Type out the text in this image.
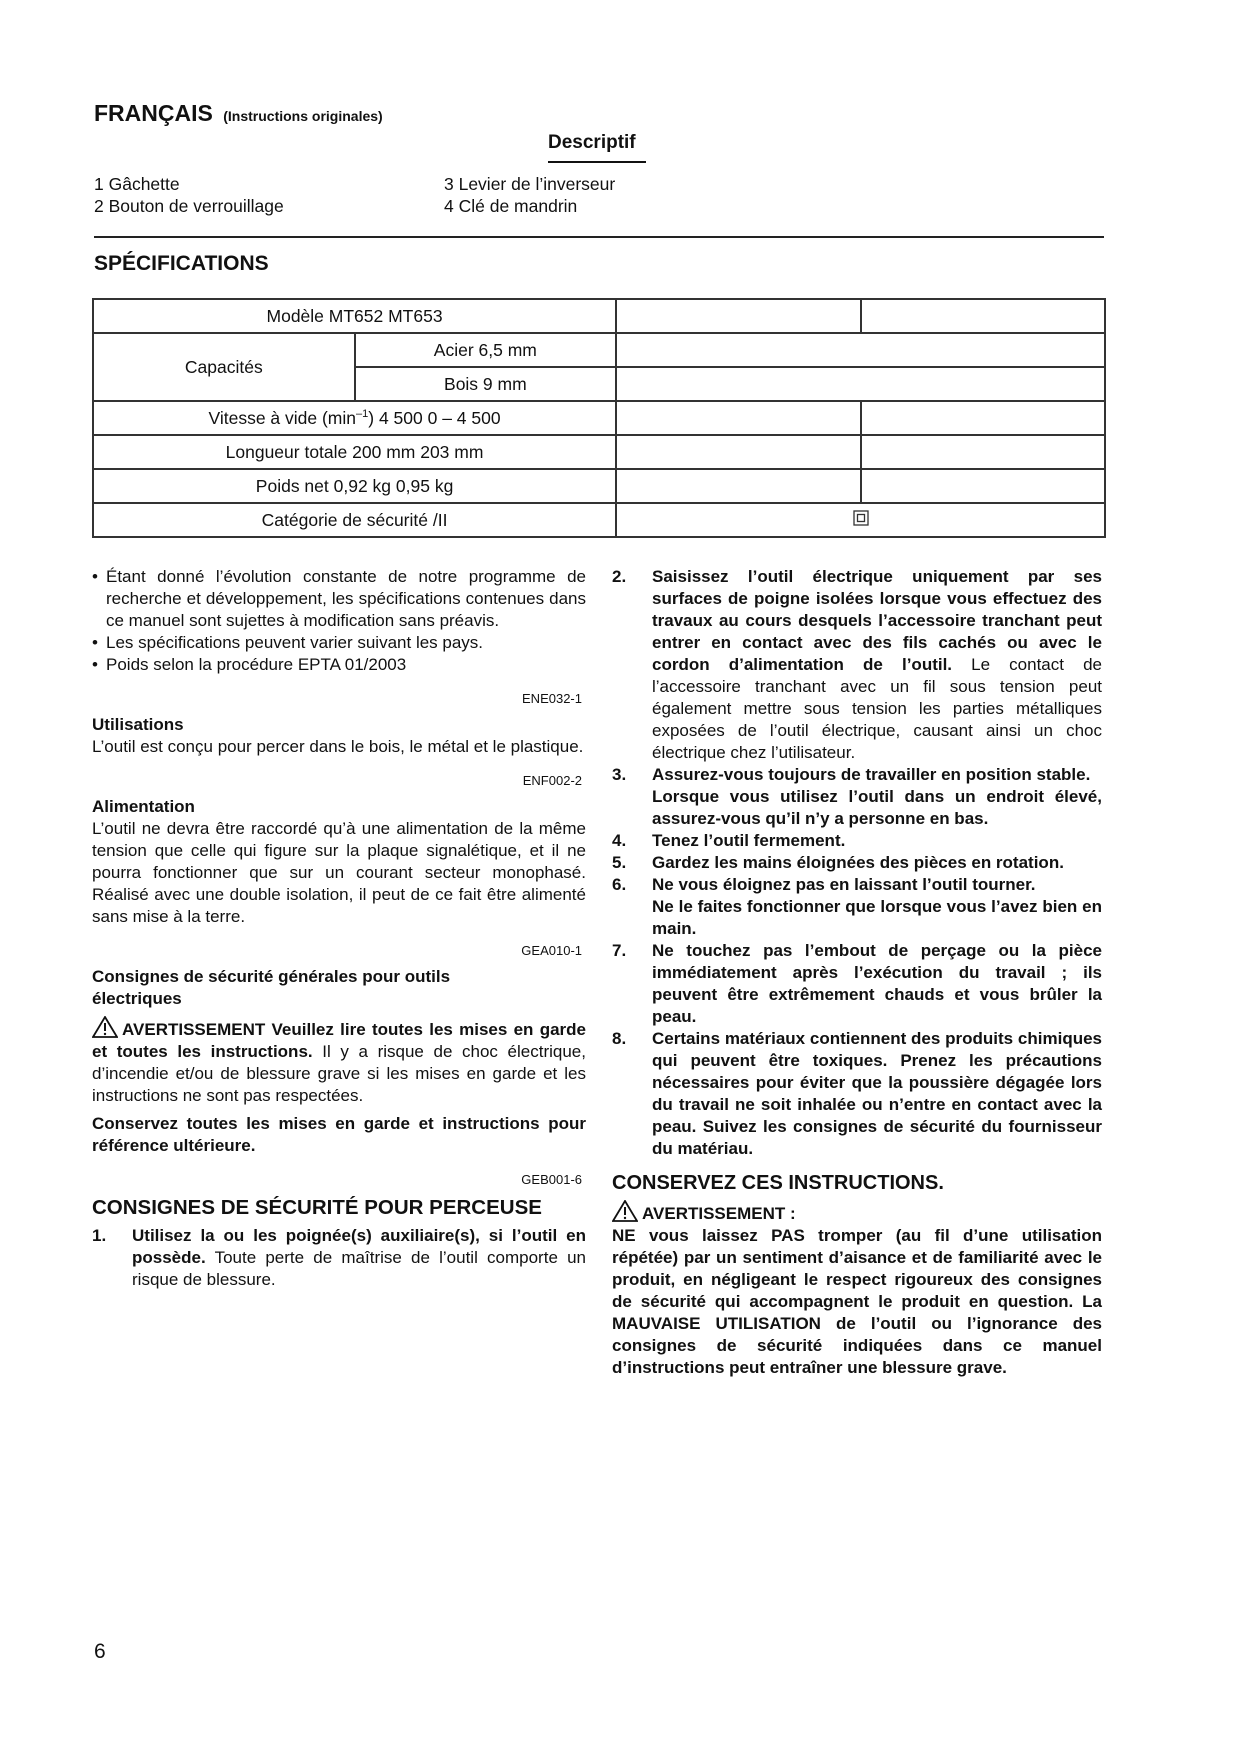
FRANÇAIS (Instructions originales)
Descriptif
1 Gâchette
2 Bouton de verrouillage
3 Levier de l’inverseur
4 Clé de mandrin
SPÉCIFICATIONS
Modèle MT652 MT653			
Capacités	Acier 6,5 mm		
	Bois 9 mm		
Vitesse à vide $(\min^{-1})$ 4 500 0 – 4 500			
Longueur totale 200 mm 203 mm			
Poids net 0,92 kg 0,95 kg			
Catégorie de sécurité /II	
• Étant donné l’évolution constante de notre programme de recherche et développement, les spécifications contenues dans ce manuel sont sujettes à modification sans préavis.
• Les spécifications peuvent varier suivant les pays.
• Poids selon la procédure EPTA 01/2003
ENE032-1
Utilisations
L’outil est conçu pour percer dans le bois, le métal et le plastique.
ENF002-2
Alimentation
L’outil ne devra être raccordé qu’à une alimentation de la même tension que celle qui figure sur la plaque signalétique, et il ne pourra fonctionner que sur un courant secteur monophasé. Réalisé avec une double isolation, il peut de ce fait être alimenté sans mise à la terre.
GEA010-1
Consignes de sécurité générales pour outils électriques
AVERTISSEMENT Veuillez lire toutes les mises en garde et toutes les instructions. Il y a risque de choc électrique, d’incendie et/ou de blessure grave si les mises en garde et les instructions ne sont pas respectées.
Conservez toutes les mises en garde et instructions pour référence ultérieure.
GEB001-6
CONSIGNES DE SÉCURITÉ POUR PERCEUSE
1. Utilisez la ou les poignée(s) auxiliaire(s), si l’outil en possède. Toute perte de maîtrise de l’outil comporte un risque de blessure.
2. Saisissez l’outil électrique uniquement par ses surfaces de poigne isolées lorsque vous effectuez des travaux au cours desquels l’accessoire tranchant peut entrer en contact avec des fils cachés ou avec le cordon d’alimentation de l’outil. Le contact de l’accessoire tranchant avec un fil sous tension peut également mettre sous tension les parties métalliques exposées de l’outil électrique, causant ainsi un choc électrique chez l’utilisateur.
3. Assurez-vous toujours de travailler en position stable.
Lorsque vous utilisez l’outil dans un endroit élevé, assurez-vous qu’il n’y a personne en bas.
4. Tenez l’outil fermement.
5. Gardez les mains éloignées des pièces en rotation.
6. Ne vous éloignez pas en laissant l’outil tourner.
Ne le faites fonctionner que lorsque vous l’avez bien en main.
7. Ne touchez pas l’embout de perçage ou la pièce immédiatement après l’exécution du travail ; ils peuvent être extrêmement chauds et vous brûler la peau.
8. Certains matériaux contiennent des produits chimiques qui peuvent être toxiques. Prenez les précautions nécessaires pour éviter que la poussière dégagée lors du travail ne soit inhalée ou n’entre en contact avec la peau. Suivez les consignes de sécurité du fournisseur du matériau.
CONSERVEZ CES INSTRUCTIONS.
AVERTISSEMENT :
NE vous laissez PAS tromper (au fil d’une utilisation répétée) par un sentiment d’aisance et de familiarité avec le produit, en négligeant le respect rigoureux des consignes de sécurité qui accompagnent le produit en question. La MAUVAISE UTILISATION de l’outil ou l’ignorance des consignes de sécurité indiquées dans ce manuel d’instructions peut entraîner une blessure grave.
6
